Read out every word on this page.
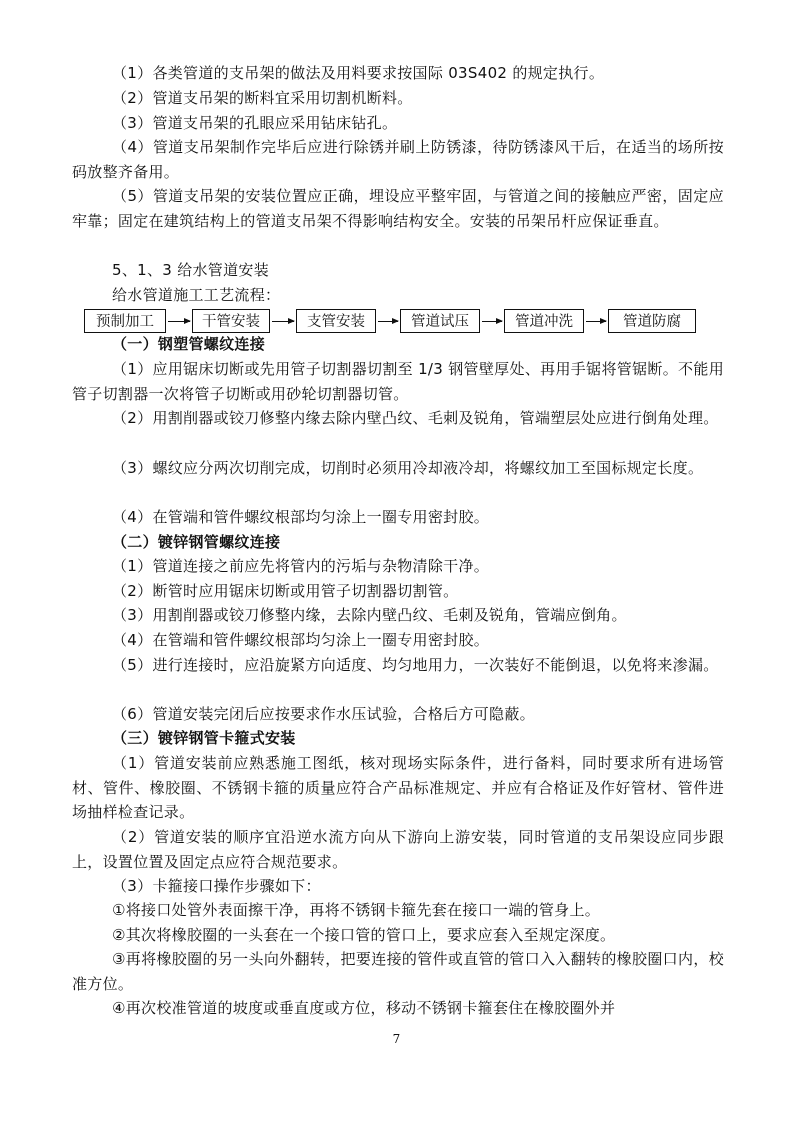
（1）各类管道的支吊架的做法及用料要求按国际 03S402 的规定执行。

（2）管道支吊架的断料宜采用切割机断料。

（3）管道支吊架的孔眼应采用钻床钻孔。

（4）管道支吊架制作完毕后应进行除锈并刷上防锈漆，待防锈漆风干后，在适当的场所按码放整齐备用。

（5）管道支吊架的安装位置应正确，埋设应平整牢固，与管道之间的接触应严密，固定应牢靠；固定在建筑结构上的管道支吊架不得影响结构安全。安装的吊架吊杆应保证垂直。

5、1、3 给水管道安装

给水管道施工工艺流程：

预制加工	干管安装	支管安装	管道试压	管道冲洗	管道防腐

（一）钢塑管螺纹连接

（1）应用锯床切断或先用管子切割器切割至 1/3 钢管壁厚处、再用手锯将管锯断。不能用管子切割器一次将管子切断或用砂轮切割器切管。

（2）用割削器或铰刀修整内缘去除内壁凸纹、毛刺及锐角，管端塑层处应进行倒角处理。

（3）螺纹应分两次切削完成，切削时必须用冷却液冷却，将螺纹加工至国标规定长度。

（4）在管端和管件螺纹根部均匀涂上一圈专用密封胶。

（二）镀锌钢管螺纹连接

（1）管道连接之前应先将管内的污垢与杂物清除干净。

（2）断管时应用锯床切断或用管子切割器切割管。

（3）用割削器或铰刀修整内缘，去除内壁凸纹、毛刺及锐角，管端应倒角。

（4）在管端和管件螺纹根部均匀涂上一圈专用密封胶。

（5）进行连接时，应沿旋紧方向适度、均匀地用力，一次装好不能倒退，以免将来渗漏。

（6）管道安装完闭后应按要求作水压试验，合格后方可隐蔽。

（三）镀锌钢管卡箍式安装

（1）管道安装前应熟悉施工图纸，核对现场实际条件，进行备料，同时要求所有进场管材、管件、橡胶圈、不锈钢卡箍的质量应符合产品标准规定、并应有合格证及作好管材、管件进场抽样检查记录。

（2）管道安装的顺序宜沿逆水流方向从下游向上游安装，同时管道的支吊架设应同步跟上，设置位置及固定点应符合规范要求。

（3）卡箍接口操作步骤如下：

①将接口处管外表面擦干净，再将不锈钢卡箍先套在接口一端的管身上。

②其次将橡胶圈的一头套在一个接口管的管口上，要求应套入至规定深度。

③再将橡胶圈的另一头向外翻转，把要连接的管件或直管的管口入入翻转的橡胶圈口内，校准方位。

④再次校准管道的坡度或垂直度或方位，移动不锈钢卡箍套住在橡胶圈外并

7
